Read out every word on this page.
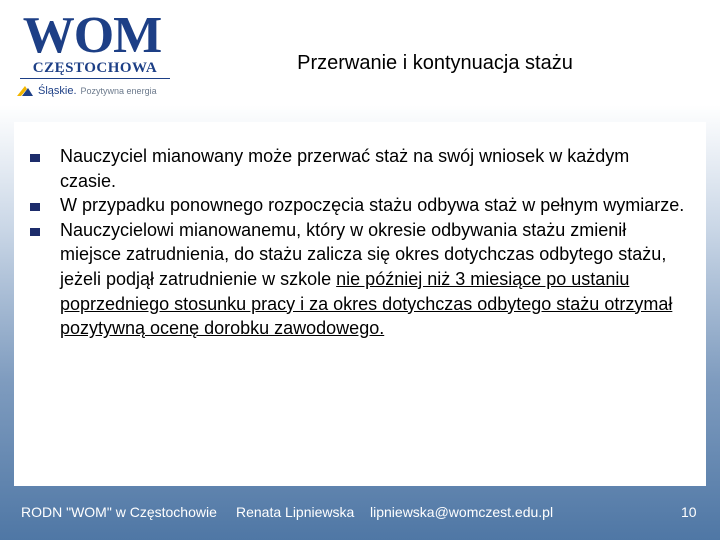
WOM
CZĘSTOCHOWA
Śląskie. Pozytywna energia
Przerwanie i kontynuacja stażu
Nauczyciel mianowany może przerwać staż na swój wniosek w każdym czasie.
W przypadku ponownego rozpoczęcia stażu odbywa staż w pełnym wymiarze.
Nauczycielowi mianowanemu, który w okresie odbywania stażu zmienił miejsce zatrudnienia, do stażu zalicza się okres dotychczas odbytego stażu, jeżeli podjął zatrudnienie w szkole nie później niż 3 miesiące po ustaniu poprzedniego stosunku pracy i za okres dotychczas odbytego stażu otrzymał pozytywną ocenę dorobku zawodowego.
RODN "WOM" w Częstochowie Renata Lipniewska lipniewska@womczest.edu.pl	10
